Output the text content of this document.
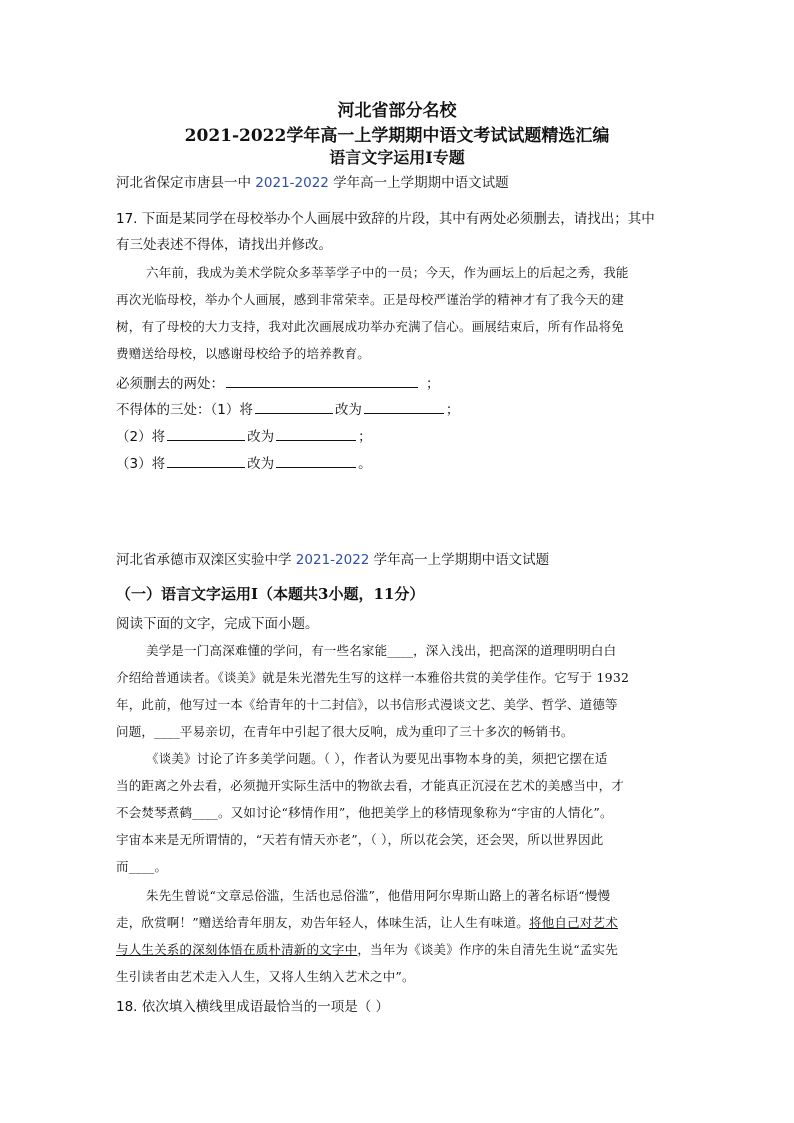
河北省部分名校
2021-2022学年高一上学期期中语文考试试题精选汇编
语言文字运用Ⅰ专题
河北省保定市唐县一中 2021-2022 学年高一上学期期中语文试题
17. 下面是某同学在母校举办个人画展中致辞的片段，其中有两处必须删去，请找出；其中
有三处表述不得体，请找出并修改。
六年前，我成为美术学院众多莘莘学子中的一员；今天，作为画坛上的后起之秀，我能
再次光临母校，举办个人画展，感到非常荣幸。正是母校严谨治学的精神才有了我今天的建
树，有了母校的大力支持，我对此次画展成功举办充满了信心。画展结束后，所有作品将免
费赠送给母校，以感谢母校给予的培养教育。
必须删去的两处：	；
不得体的三处：（1）将	改为	；
（2）将	改为	；
（3）将	改为	。
河北省承德市双滦区实验中学 2021-2022 学年高一上学期期中语文试题
（一）语言文字运用Ⅰ（本题共3小题，11分）
阅读下面的文字，完成下面小题。
美学是一门高深难懂的学问，有一些名家能____，深入浅出，把高深的道理明明白白
介绍给普通读者。《谈美》就是朱光潜先生写的这样一本雅俗共赏的美学佳作。它写于 1932
年，此前，他写过一本《给青年的十二封信》，以书信形式漫谈文艺、美学、哲学、道德等
问题，____平易亲切，在青年中引起了很大反响，成为重印了三十多次的畅销书。
《谈美》讨论了许多美学问题。（ ），作者认为要见出事物本身的美，须把它摆在适
当的距离之外去看，必须抛开实际生活中的物欲去看，才能真正沉浸在艺术的美感当中，才
不会焚琴煮鹤____。又如讨论“移情作用”，他把美学上的移情现象称为“宇宙的人情化”。
宇宙本来是无所谓情的，“天若有情天亦老”，（ ），所以花会笑，还会哭，所以世界因此
而____。
朱先生曾说“文章忌俗滥，生活也忌俗滥”，他借用阿尔卑斯山路上的著名标语“慢慢
走，欣赏啊！”赠送给青年朋友，劝告年轻人，体味生活，让人生有味道。将他自己对艺术
与人生关系的深刻体悟在质朴清新的文字中，当年为《谈美》作序的朱自清先生说“孟实先
生引读者由艺术走入人生，又将人生纳入艺术之中”。
18. 依次填入横线里成语最恰当的一项是（ ）
